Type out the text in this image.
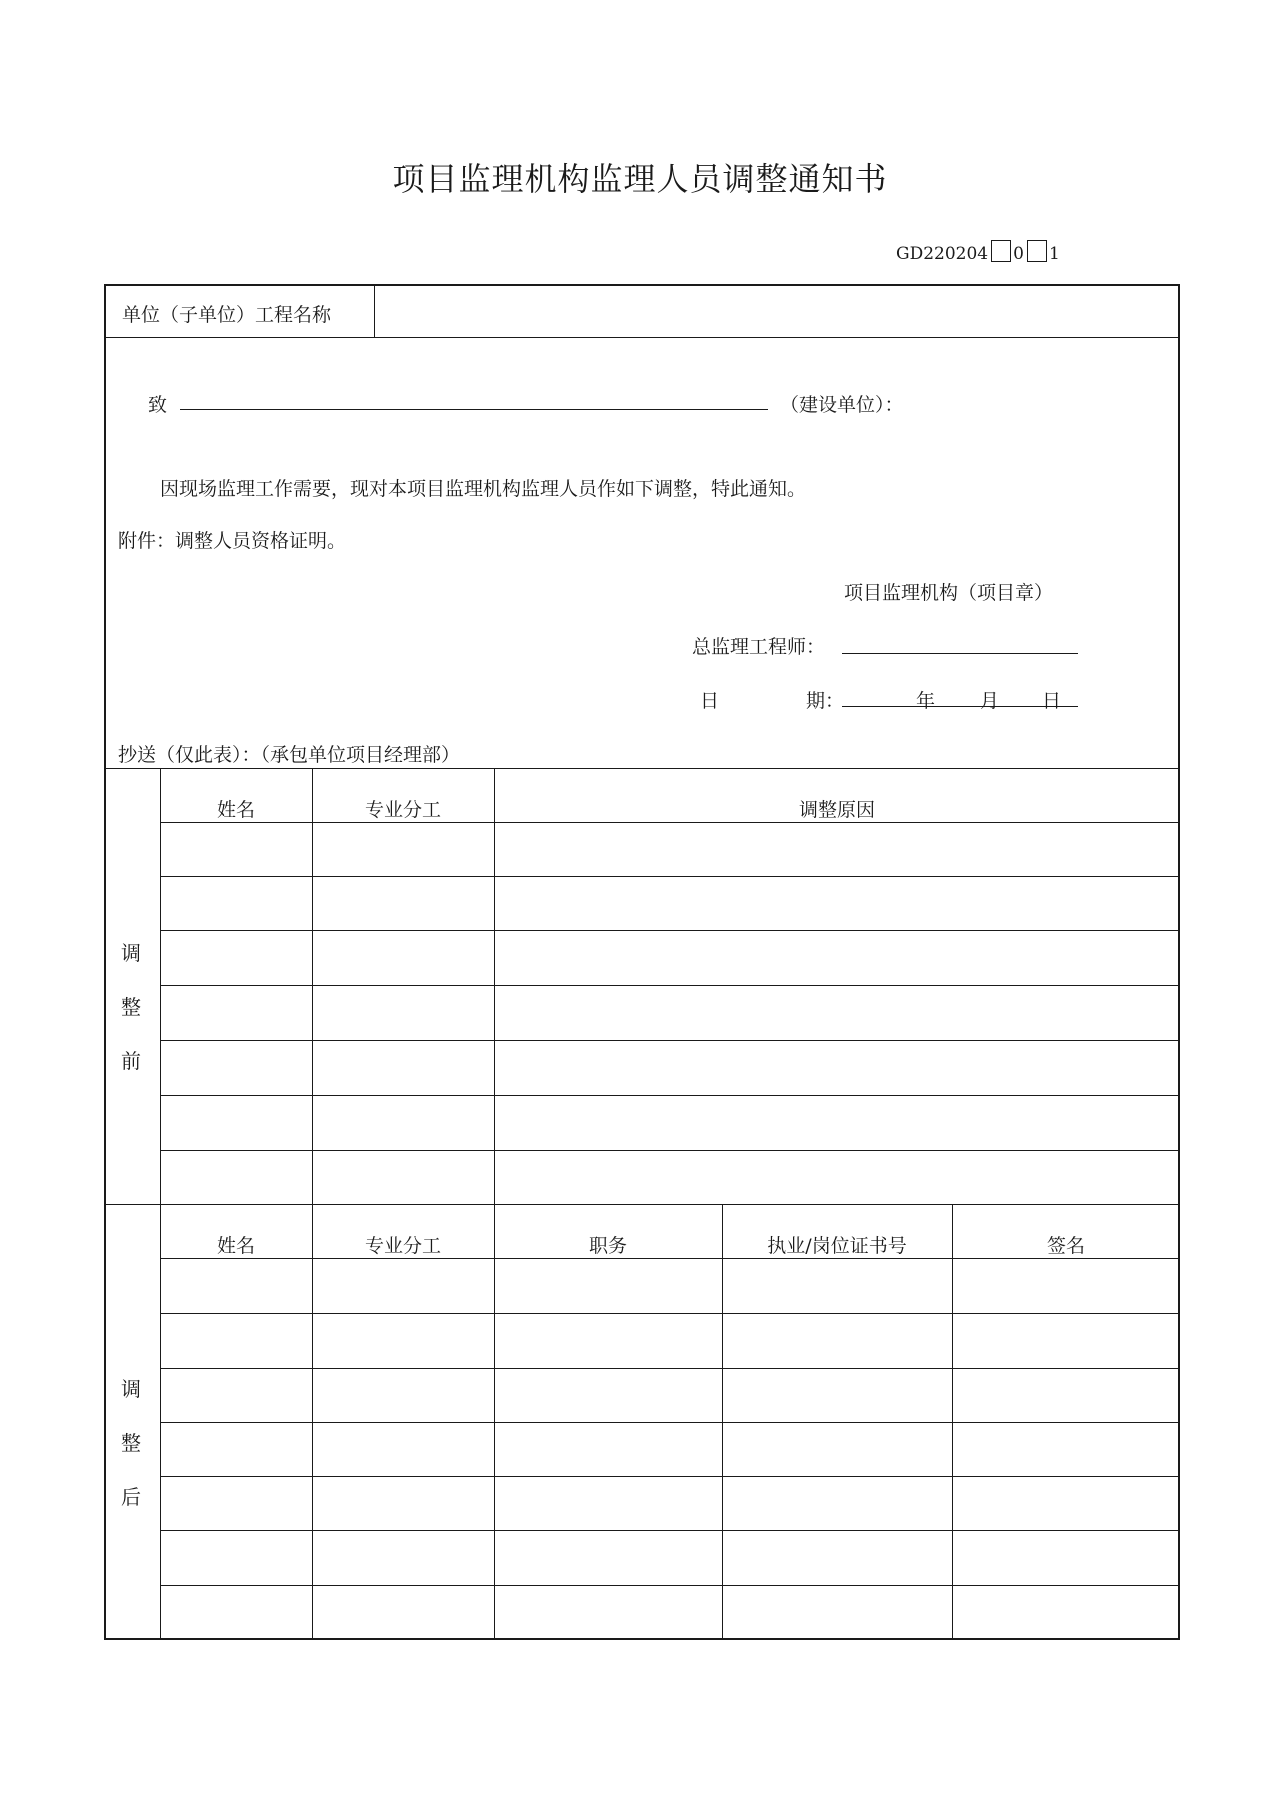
项目监理机构监理人员调整通知书
GD220204 0 1
单位（子单位）工程名称
致	（建设单位）：
因现场监理工作需要，现对本项目监理机构监理人员作如下调整，特此通知。
附件：调整人员资格证明。
项目监理机构（项目章）
总监理工程师：
日	期：	年 月 日
抄送（仅此表）：（承包单位项目经理部）
调
整
前
姓名	专业分工	调整原因
调
整
后
姓名	专业分工	职务	执业/岗位证书号	签名
